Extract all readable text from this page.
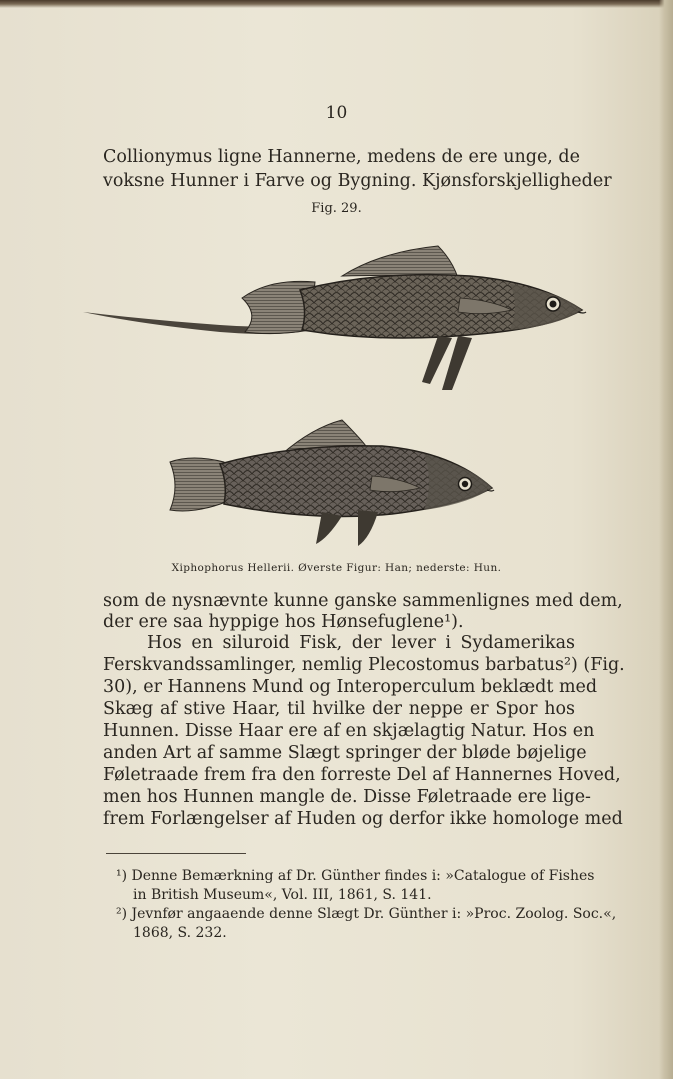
10
Collionymus ligne Hannerne, medens de ere unge, de
voksne Hunner i Farve og Bygning. Kjønsforskjelligheder
Fig. 29.
Xiphophorus Hellerii. Øverste Figur: Han; nederste: Hun.
som de nysnævnte kunne ganske sammenlignes med dem,
der ere saa hyppige hos Hønsefuglene¹).
Hos en siluroid Fisk, der lever i Sydamerikas
Ferskvandssamlinger, nemlig Plecostomus barbatus²) (Fig.
30), er Hannens Mund og Interoperculum beklædt med
Skæg af stive Haar, til hvilke der neppe er Spor hos
Hunnen. Disse Haar ere af en skjælagtig Natur. Hos en
anden Art af samme Slægt springer der bløde bøjelige
Føletraade frem fra den forreste Del af Hannernes Hoved,
men hos Hunnen mangle de. Disse Føletraade ere lige-
frem Forlængelser af Huden og derfor ikke homologe med
¹) Denne Bemærkning af Dr. Günther findes i: »Catalogue of Fishes
in British Museum«, Vol. III, 1861, S. 141.
²) Jevnfør angaaende denne Slægt Dr. Günther i: »Proc. Zoolog. Soc.«,
1868, S. 232.
